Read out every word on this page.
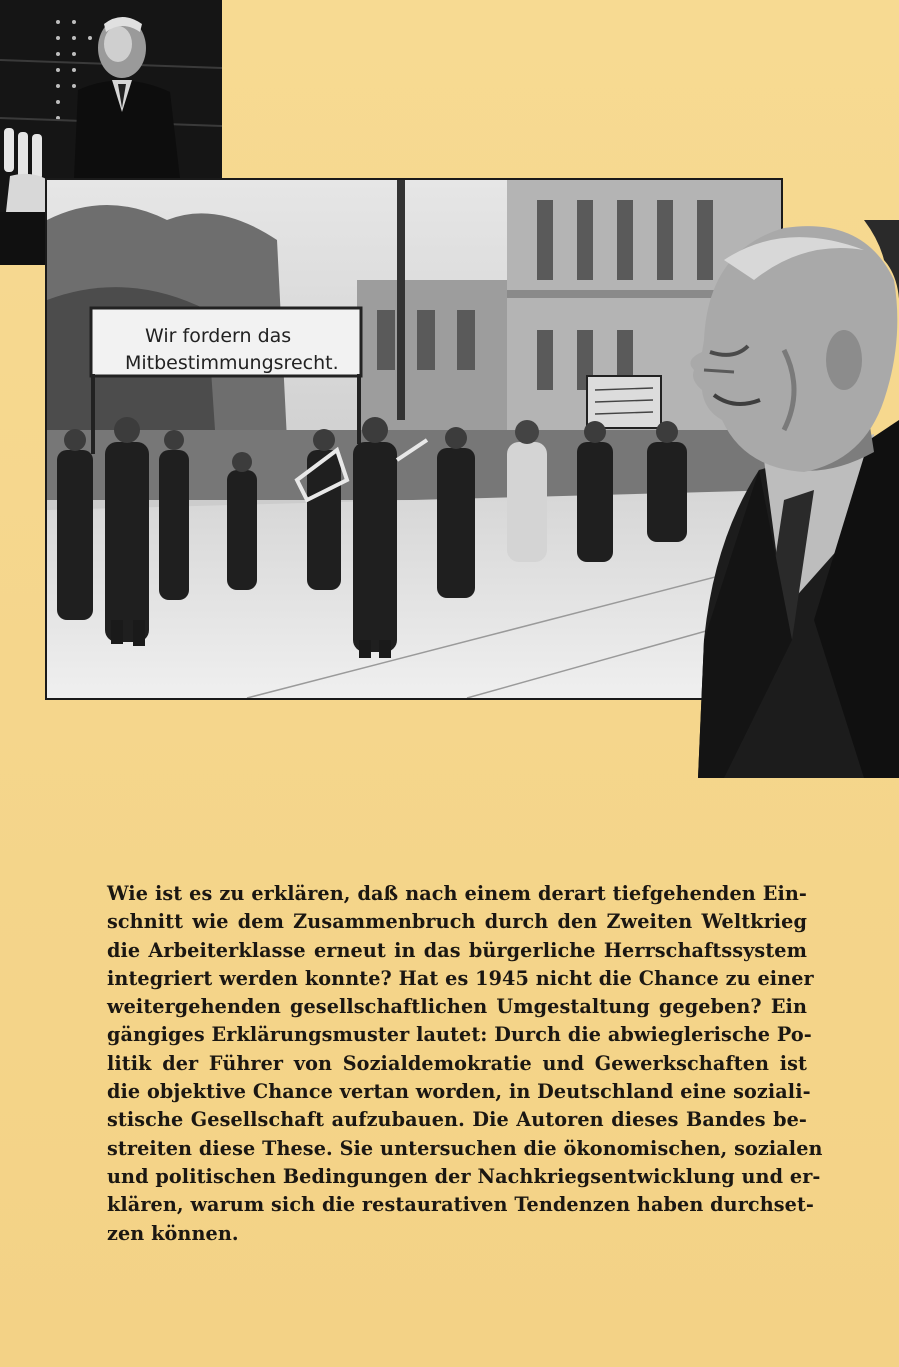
Wir fordern das
Mitbestimmungsrecht.

Wie ist es zu erklären, daß nach einem derart tiefgehenden Ein-
schnitt wie dem Zusammenbruch durch den Zweiten Weltkrieg
die Arbeiterklasse erneut in das bürgerliche Herrschaftssystem
integriert werden konnte? Hat es 1945 nicht die Chance zu einer
weitergehenden gesellschaftlichen Umgestaltung gegeben? Ein
gängiges Erklärungsmuster lautet: Durch die abwieglerische Po-
litik der Führer von Sozialdemokratie und Gewerkschaften ist
die objektive Chance vertan worden, in Deutschland eine soziali-
stische Gesellschaft aufzubauen. Die Autoren dieses Bandes be-
streiten diese These. Sie untersuchen die ökonomischen, sozialen
und politischen Bedingungen der Nachkriegsentwicklung und er-
klären, warum sich die restaurativen Tendenzen haben durchset-
zen können.
